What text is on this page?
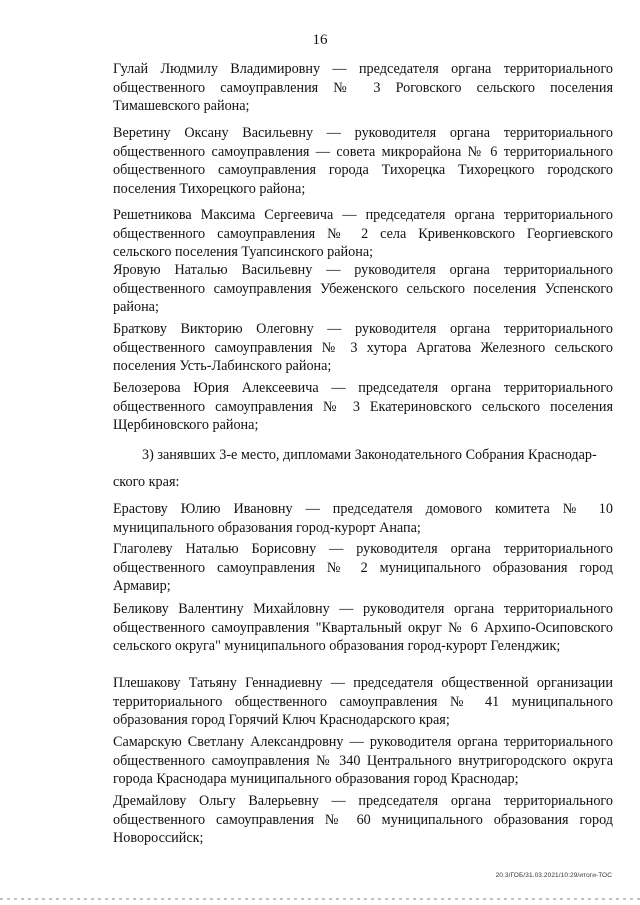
16
Гулай Людмилу Владимировну — председателя органа территориального общественного самоуправления № 3 Роговского сельского поселения Тимашевского района;
Веретину Оксану Васильевну — руководителя органа территориального общественного самоуправления — совета микрорайона № 6 территориального общественного самоуправления города Тихорецка Тихорецкого городского поселения Тихорецкого района;
Решетникова Максима Сергеевича — председателя органа территориального общественного самоуправления № 2 села Кривенковского Георгиевского сельского поселения Туапсинского района;
Яровую Наталью Васильевну — руководителя органа территориального общественного самоуправления Убеженского сельского поселения Успенского района;
Браткову Викторию Олеговну — руководителя органа территориального общественного самоуправления № 3 хутора Аргатова Железного сельского поселения Усть-Лабинского района;
Белозерова Юрия Алексеевича — председателя органа территориального общественного самоуправления № 3 Екатериновского сельского поселения Щербиновского района;
3) занявших 3-е место, дипломами Законодательного Собрания Краснодар-
ского края:
Ерастову Юлию Ивановну — председателя домового комитета № 10 муниципального образования город-курорт Анапа;
Глаголеву Наталью Борисовну — руководителя органа территориального общественного самоуправления № 2 муниципального образования город Армавир;
Беликову Валентину Михайловну — руководителя органа территориального общественного самоуправления "Квартальный округ № 6 Архипо-Осиповского сельского округа" муниципального образования город-курорт Геленджик;
Плешакову Татьяну Геннадиевну — председателя общественной организации территориального общественного самоуправления № 41 муниципального образования город Горячий Ключ Краснодарского края;
Самарскую Светлану Александровну — руководителя органа территориального общественного самоуправления № 340 Центрального внутригородского округа города Краснодара муниципального образования город Краснодар;
Дремайлову Ольгу Валерьевну — председателя органа территориального общественного самоуправления № 60 муниципального образования город Новороссийск;
20.3/ГОБ/31.03.2021/10:29/итоги-ТОС
